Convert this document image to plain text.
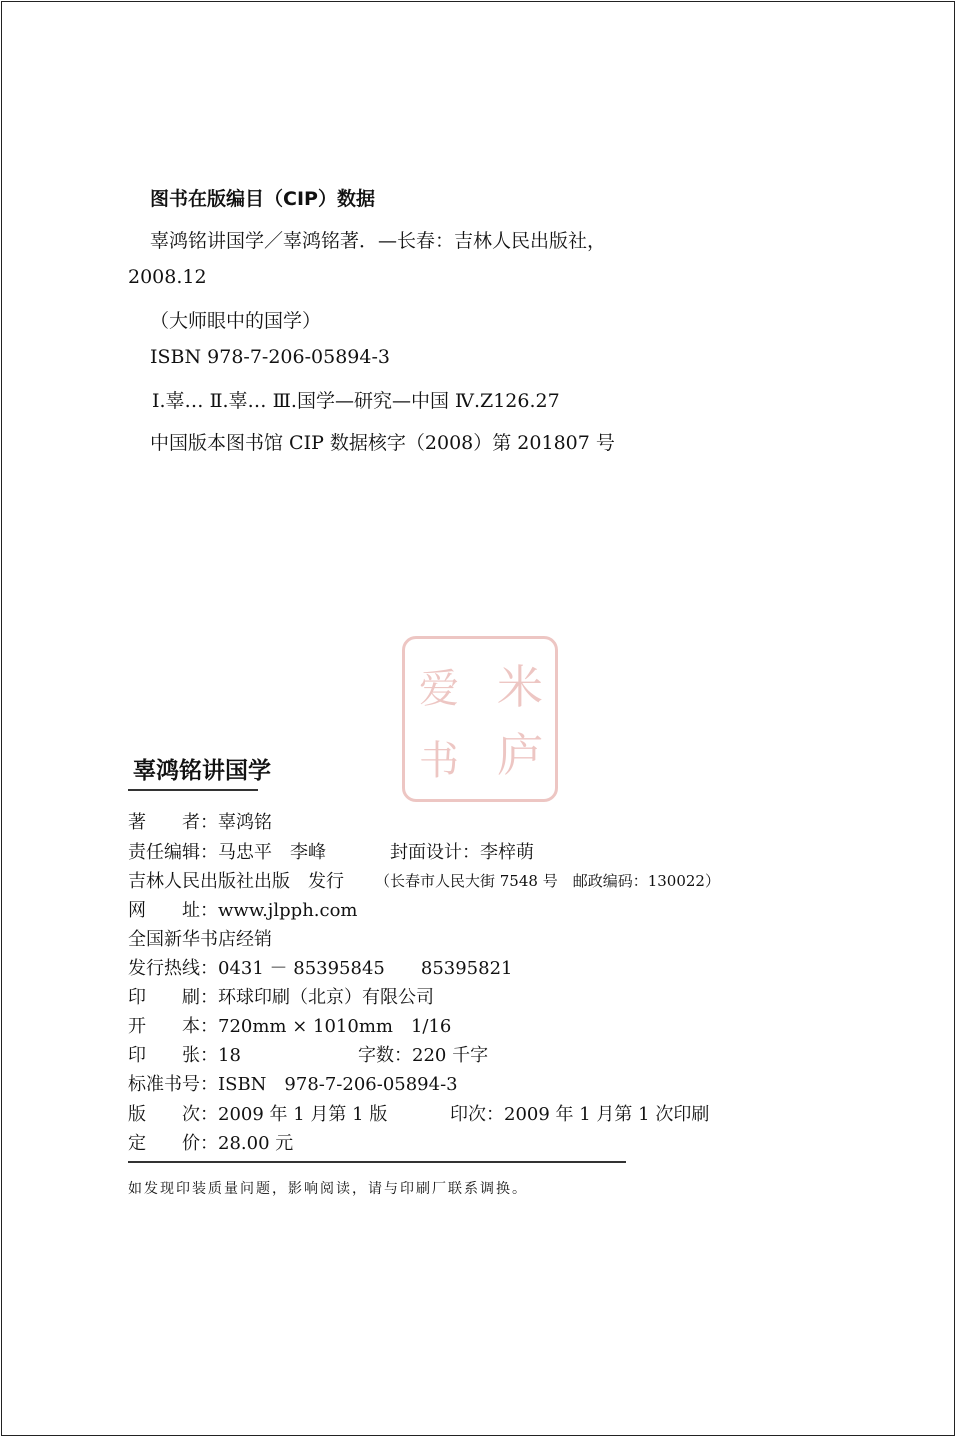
图书在版编目（CIP）数据
辜鸿铭讲国学／辜鸿铭著．—长春：吉林人民出版社，
2008.12
（大师眼中的国学）
ISBN 978-7-206-05894-3
Ⅰ.辜… Ⅱ.辜… Ⅲ.国学—研究—中国 Ⅳ.Z126.27
中国版本图书馆 CIP 数据核字（2008）第 201807 号
米
庐
爱
书
辜鸿铭讲国学
著　　者：辜鸿铭
责任编辑：马忠平　李峰	封面设计：李梓萌
吉林人民出版社出版　发行 （长春市人民大街 7548 号　邮政编码：130022）
网　　址：www.jlpph.com
全国新华书店经销
发行热线：0431 － 85395845　　85395821
印　　刷：环球印刷（北京）有限公司
开　　本：720mm × 1010mm　1/16
印　　张：18	字数：220 千字
标准书号：ISBN　978-7-206-05894-3
版　　次：2009 年 1 月第 1 版	印次：2009 年 1 月第 1 次印刷
定　　价：28.00 元
如发现印装质量问题，影响阅读，请与印刷厂联系调换。
